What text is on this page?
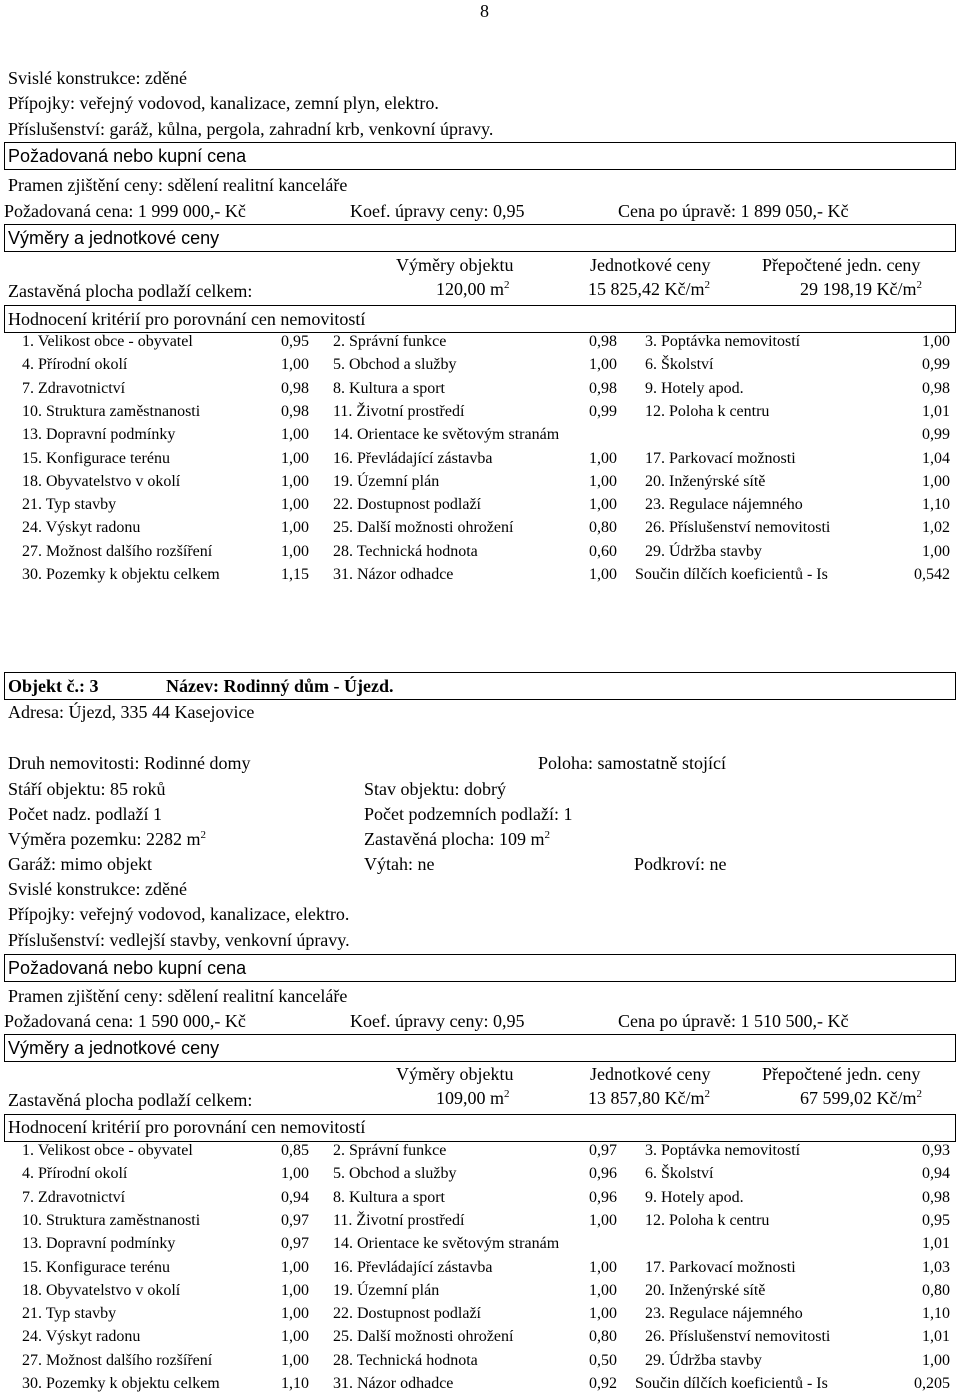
8
Svislé konstrukce: zděné
Přípojky: veřejný vodovod, kanalizace, zemní plyn, elektro.
Příslušenství: garáž, kůlna, pergola, zahradní krb, venkovní úpravy.
Požadovaná nebo kupní cena
Pramen zjištění ceny: sdělení realitní kanceláře
Požadovaná cena: 1 999 000,- Kč	Koef. úpravy ceny: 0,95	Cena po úpravě: 1 899 050,- Kč
Výměry a jednotkové ceny
Výměry objektu	Jednotkové ceny	Přepočtené jedn. ceny
Zastavěná plocha podlaží celkem:	120,00 $m^2$	15 825,42 $Kč/m^2$	29 198,19 $Kč/m^2$
Hodnocení kritérií pro porovnání cen nemovitostí
1. Velikost obce - obyvatel	0,95 2. Správní funkce	0,98 3. Poptávka nemovitostí	1,00
4. Přírodní okolí	1,00 5. Obchod a služby	1,00 6. Školství	0,99
7. Zdravotnictví	0,98 8. Kultura a sport	0,98 9. Hotely apod.	0,98
10. Struktura zaměstnanosti	0,98 11. Životní prostředí	0,99 12. Poloha k centru	1,01
13. Dopravní podmínky	1,00 14. Orientace ke světovým stranám	0,99
15. Konfigurace terénu	1,00 16. Převládající zástavba	1,00 17. Parkovací možnosti	1,04
18. Obyvatelstvo v okolí	1,00 19. Územní plán	1,00 20. Inženýrské sítě	1,00
21. Typ stavby	1,00 22. Dostupnost podlaží	1,00 23. Regulace nájemného	1,10
24. Výskyt radonu	1,00 25. Další možnosti ohrožení	0,80 26. Příslušenství nemovitosti	1,02
27. Možnost dalšího rozšíření	1,00 28. Technická hodnota	0,60 29. Údržba stavby	1,00
30. Pozemky k objektu celkem	1,15 31. Názor odhadce	1,00 Součin dílčích koeficientů - Is	0,542
Objekt č.: 3	Název: Rodinný dům - Újezd.
Adresa: Újezd, 335 44 Kasejovice
Druh nemovitosti: Rodinné domy	Poloha: samostatně stojící
Stáří objektu: 85 roků	Stav objektu: dobrý
Počet nadz. podlaží 1	Počet podzemních podlaží: 1
Výměra pozemku: 2282 $m^2$	Zastavěná plocha: 109 $m^2$
Garáž: mimo objekt	Výtah: ne	Podkroví: ne
Svislé konstrukce: zděné
Přípojky: veřejný vodovod, kanalizace, elektro.
Příslušenství: vedlejší stavby, venkovní úpravy.
Požadovaná nebo kupní cena
Pramen zjištění ceny: sdělení realitní kanceláře
Požadovaná cena: 1 590 000,- Kč	Koef. úpravy ceny: 0,95	Cena po úpravě: 1 510 500,- Kč
Výměry a jednotkové ceny
Výměry objektu	Jednotkové ceny	Přepočtené jedn. ceny
Zastavěná plocha podlaží celkem:	109,00 $m^2$	13 857,80 $Kč/m^2$	67 599,02 $Kč/m^2$
Hodnocení kritérií pro porovnání cen nemovitostí
1. Velikost obce - obyvatel	0,85 2. Správní funkce	0,97 3. Poptávka nemovitostí	0,93
4. Přírodní okolí	1,00 5. Obchod a služby	0,96 6. Školství	0,94
7. Zdravotnictví	0,94 8. Kultura a sport	0,96 9. Hotely apod.	0,98
10. Struktura zaměstnanosti	0,97 11. Životní prostředí	1,00 12. Poloha k centru	0,95
13. Dopravní podmínky	0,97 14. Orientace ke světovým stranám	1,01
15. Konfigurace terénu	1,00 16. Převládající zástavba	1,00 17. Parkovací možnosti	1,03
18. Obyvatelstvo v okolí	1,00 19. Územní plán	1,00 20. Inženýrské sítě	0,80
21. Typ stavby	1,00 22. Dostupnost podlaží	1,00 23. Regulace nájemného	1,10
24. Výskyt radonu	1,00 25. Další možnosti ohrožení	0,80 26. Příslušenství nemovitosti	1,01
27. Možnost dalšího rozšíření	1,00 28. Technická hodnota	0,50 29. Údržba stavby	1,00
30. Pozemky k objektu celkem	1,10 31. Názor odhadce	0,92 Součin dílčích koeficientů - Is	0,205
